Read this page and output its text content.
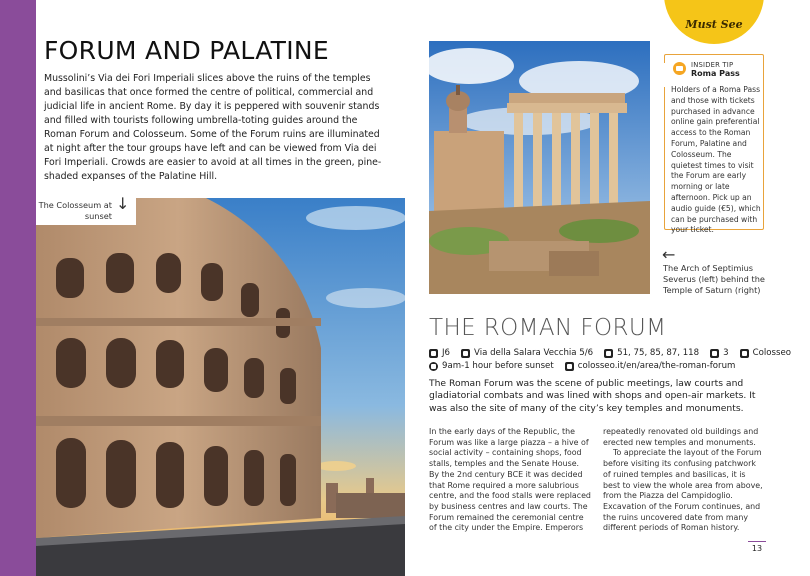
Must See
FORUM AND PALATINE

Mussolini’s Via dei Fori Imperiali slices above the ruins of the temples and basilicas that once formed the centre of political, commercial and judicial life in ancient Rome. By day it is peppered with souvenir stands and filled with tourists following umbrella-toting guides around the Roman Forum and Colosseum. Some of the Forum ruins are illuminated at night after the tour groups have left and can be viewed from Via dei Fori Imperiali. Crowds are easier to avoid at all times in the green, pine-shaded expanses of the Palatine Hill.

The Colosseum at sunset
↓
INSIDER TIP
Roma Pass

Holders of a Roma Pass and those with tickets purchased in advance online gain preferential access to the Roman Forum, Palatine and Colosseum. The quietest times to visit the Forum are early morning or late afternoon. Pick up an audio guide (€5), which can be purchased with your ticket.

←
The Arch of Septimius Severus (left) behind the Temple of Saturn (right)
THE ROMAN FORUM
J6	Via della Salara Vecchia 5/6	51, 75, 85, 87, 118	3	Colosseo
9am-1 hour before sunset	colosseo.it/en/area/the-roman-forum

The Roman Forum was the scene of public meetings, law courts and gladiatorial combats and was lined with shops and open-air markets. It was also the site of many of the city’s key temples and monuments.

In the early days of the Republic, the Forum was like a large piazza – a hive of social activity – containing shops, food stalls, temples and the Senate House. By the 2nd century BCE it was decided that Rome required a more salubrious centre, and the food stalls were replaced by business centres and law courts. The Forum remained the ceremonial centre of the city under the Empire. Emperors

repeatedly renovated old buildings and erected new temples and monuments.

To appreciate the layout of the Forum before visiting its confusing patchwork of ruined temples and basilicas, it is best to view the whole area from above, from the Piazza del Campidoglio. Excavation of the Forum continues, and the ruins uncovered date from many different periods of Roman history.

13
